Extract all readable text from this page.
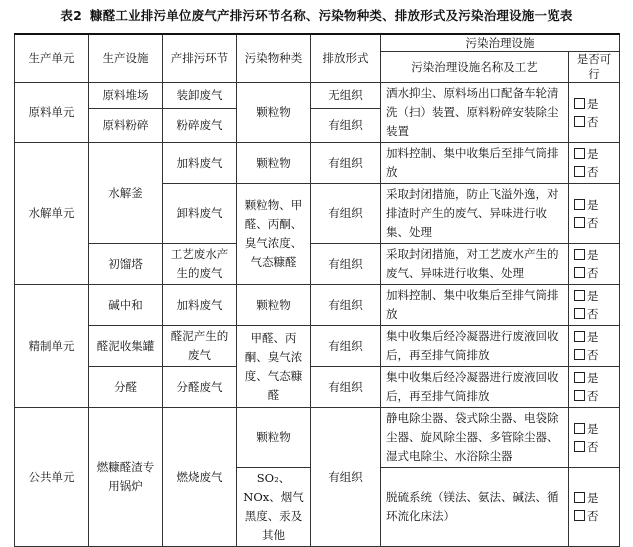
表2 糠醛工业排污单位废气产排污环节名称、污染物种类、排放形式及污染治理设施一览表
生产单元	生产设施	产排污环节	污染物种类	排放形式	污染治理设施	
					污染治理设施名称及工艺	是否可行
原料单元	原料堆场	装卸废气	颗粒物	无组织	洒水抑尘、原料场出口配备车轮清洗（扫）装置、原料粉碎安装除尘装置	是
否

	原料粉碎	粉碎废气		有组织		
水解单元	水解釜	加料废气	颗粒物	有组织	加料控制、集中收集后至排气筒排放	是
否

		卸料废气	颗粒物、甲醛、丙酮、臭气浓度、气态糠醛	有组织	采取封闭措施，防止飞溢外逸，对排渣时产生的废气、异味进行收集、处理	是
否

	初馏塔	工艺废水产生的废气		有组织	采取封闭措施，对工艺废水产生的废气、异味进行收集、处理	是
否

精制单元	碱中和	加料废气	颗粒物	有组织	加料控制、集中收集后至排气筒排放	是
否

	醛泥收集罐	醛泥产生的废气	甲醛、丙酮、臭气浓度、气态糠醛	有组织	集中收集后经冷凝器进行废液回收后，再至排气筒排放	是
否

	分醛	分醛废气		有组织	集中收集后经冷凝器进行废液回收后，再至排气筒排放	是
否

公共单元	燃糠醛渣专用锅炉	燃烧废气	颗粒物	有组织	静电除尘器、袋式除尘器、电袋除尘器、旋风除尘器、多管除尘器、湿式电除尘、水浴除尘器	是
否

			SO₂、NOx、烟气黑度、汞及其他		脱硫系统（镁法、氨法、碱法、循环流化床法）	是
否
